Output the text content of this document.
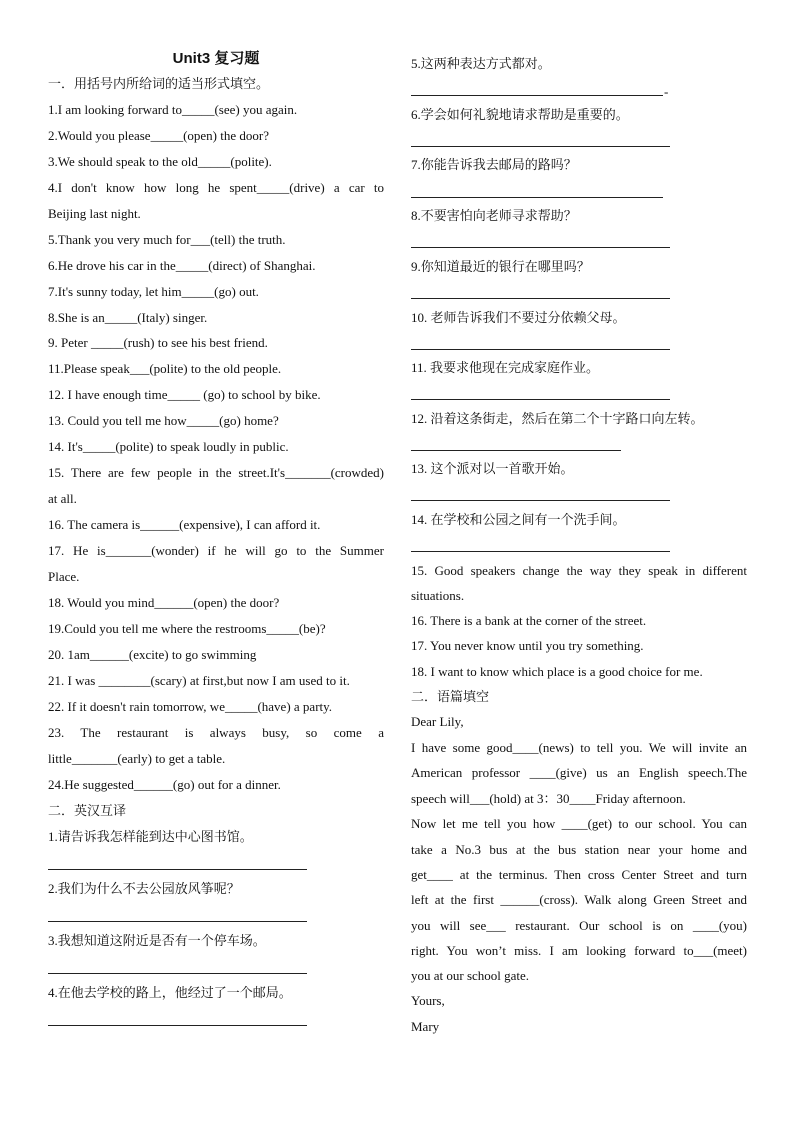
Unit3 复习题
一．用括号内所给词的适当形式填空。
1.I am looking forward to_____(see) you again.
2.Would you please_____(open) the door?
3.We should speak to the old_____(polite).
4.I don't know how long he spent_____(drive) a car to
Beijing last night.
5.Thank you very much for___(tell) the truth.
6.He drove his car in the_____(direct) of Shanghai.
7.It's sunny today, let him_____(go) out.
8.She is an_____(Italy) singer.
9. Peter _____(rush) to see his best friend.
11.Please speak___(polite) to the old people.
12. I have enough time_____ (go) to school by bike.
13. Could you tell me how_____(go) home?
14. It's_____(polite) to speak loudly in public.
15. There are few people in the street.It's_______(crowded)
at all.
16. The camera is______(expensive), I can afford it.
17. He is_______(wonder) if he will go to the Summer
Place.
18. Would you mind______(open) the door?
19.Could you tell me where the restrooms_____(be)?
20. 1am______(excite) to go swimming
21. I was ________(scary) at first,but now I am used to it.
22. If it doesn't rain tomorrow, we_____(have) a party.
23. The restaurant is always busy, so come a
little_______(early) to get a table.
24.He suggested______(go) out for a dinner.
二．英汉互译
1.请告诉我怎样能到达中心图书馆。
2.我们为什么不去公园放风筝呢？
3.我想知道这附近是否有一个停车场。
4.在他去学校的路上，他经过了一个邮局。
5.这两种表达方式都对。
-
6.学会如何礼貌地请求帮助是重要的。
7.你能告诉我去邮局的路吗？
8.不要害怕向老师寻求帮助？
9.你知道最近的银行在哪里吗？
10. 老师告诉我们不要过分依赖父母。
11. 我要求他现在完成家庭作业。
12. 沿着这条街走，然后在第二个十字路口向左转。
13. 这个派对以一首歌开始。
14. 在学校和公园之间有一个洗手间。
15. Good speakers change the way they speak in different
situations.
16. There is a bank at the corner of the street.
17. You never know until you try something.
18. I want to know which place is a good choice for me.
二．语篇填空
Dear Lily,
I have some good____(news) to tell you. We will invite an
American professor ____(give) us an English speech.The
speech will___(hold) at 3：30____Friday afternoon.
Now let me tell you how ____(get) to our school. You can
take a No.3 bus at the bus station near your home and
get____ at the terminus. Then cross Center Street and turn
left at the first ______(cross). Walk along Green Street and
you will see___ restaurant. Our school is on ____(you)
right. You won’t miss. I am looking forward to___(meet)
you at our school gate.
Yours,
Mary
